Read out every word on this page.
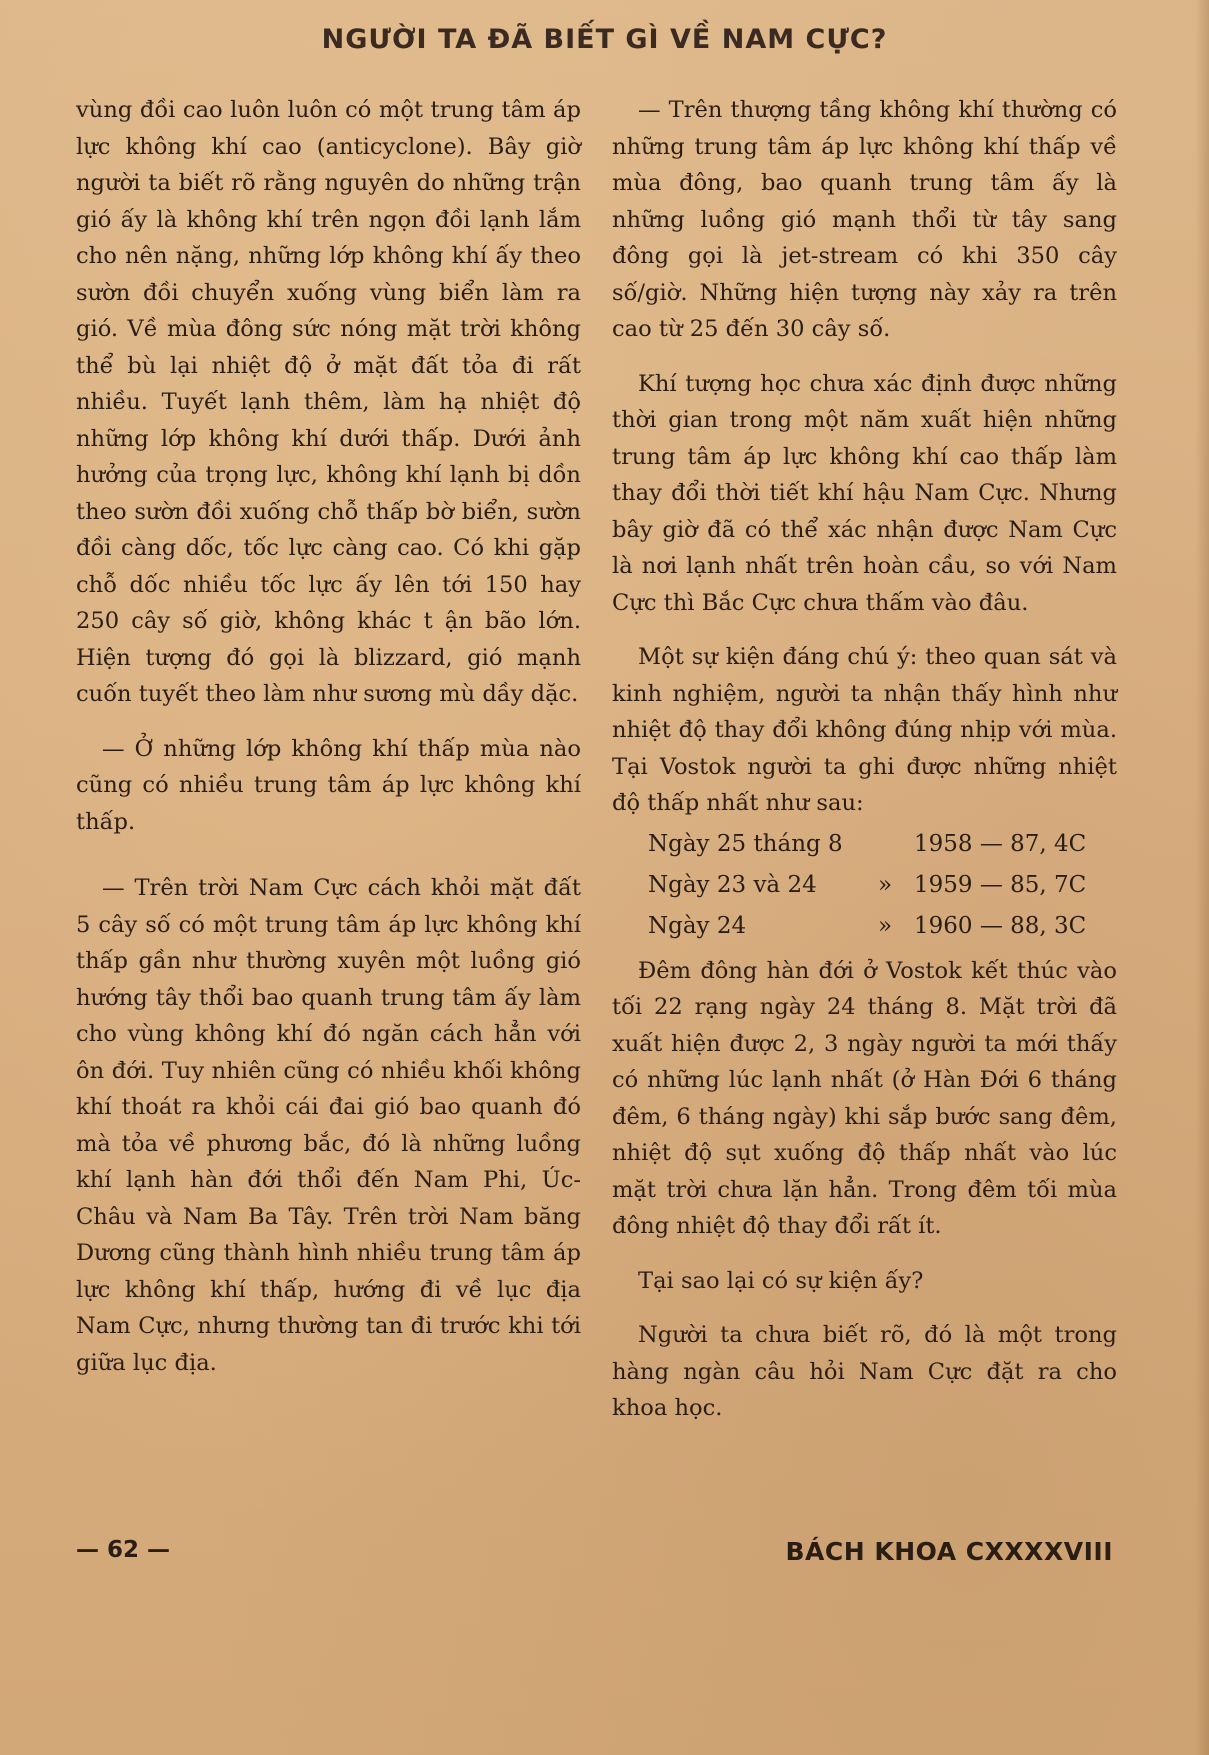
NGƯỜI TA ĐÃ BIẾT GÌ VỀ NAM CỰC?

vùng đồi cao luôn luôn có một trung tâm áp lực không khí cao (anticyclone). Bây giờ người ta biết rõ rằng nguyên do những trận gió ấy là không khí trên ngọn đồi lạnh lắm cho nên nặng, những lớp không khí ấy theo sườn đồi chuyển xuống vùng biển làm ra gió. Về mùa đông sức nóng mặt trời không thể bù lại nhiệt độ ở mặt đất tỏa đi rất nhiều. Tuyết lạnh thêm, làm hạ nhiệt độ những lớp không khí dưới thấp. Dưới ảnh hưởng của trọng lực, không khí lạnh bị dồn theo sườn đồi xuống chỗ thấp bờ biển, sườn đồi càng dốc, tốc lực càng cao. Có khi gặp chỗ dốc nhiều tốc lực ấy lên tới 150 hay 250 cây số giờ, không khác t ận bão lớn. Hiện tượng đó gọi là blizzard, gió mạnh cuốn tuyết theo làm như sương mù dầy dặc.

— Ở những lớp không khí thấp mùa nào cũng có nhiều trung tâm áp lực không khí thấp.

— Trên trời Nam Cực cách khỏi mặt đất 5 cây số có một trung tâm áp lực không khí thấp gần như thường xuyên một luồng gió hướng tây thổi bao quanh trung tâm ấy làm cho vùng không khí đó ngăn cách hẳn với ôn đới. Tuy nhiên cũng có nhiều khối không khí thoát ra khỏi cái đai gió bao quanh đó mà tỏa về phương bắc, đó là những luồng khí lạnh hàn đới thổi đến Nam Phi, Úc-Châu và Nam Ba Tây. Trên trời Nam băng Dương cũng thành hình nhiều trung tâm áp lực không khí thấp, hướng đi về lục địa Nam Cực, nhưng thường tan đi trước khi tới giữa lục địa.

— Trên thượng tầng không khí thường có những trung tâm áp lực không khí thấp về mùa đông, bao quanh trung tâm ấy là những luồng gió mạnh thổi từ tây sang đông gọi là jet-stream có khi 350 cây số/giờ. Những hiện tượng này xảy ra trên cao từ 25 đến 30 cây số.

Khí tượng học chưa xác định được những thời gian trong một năm xuất hiện những trung tâm áp lực không khí cao thấp làm thay đổi thời tiết khí hậu Nam Cực. Nhưng bây giờ đã có thể xác nhận được Nam Cực là nơi lạnh nhất trên hoàn cầu, so với Nam Cực thì Bắc Cực chưa thấm vào đâu.

Một sự kiện đáng chú ý: theo quan sát và kinh nghiệm, người ta nhận thấy hình như nhiệt độ thay đổi không đúng nhịp với mùa. Tại Vostok người ta ghi được những nhiệt độ thấp nhất như sau:

Ngày 25 tháng 8	1958 — 87, 4C
Ngày 23 và 24	» 1959 — 85, 7C
Ngày 24	» 1960 — 88, 3C

Đêm đông hàn đới ở Vostok kết thúc vào tối 22 rạng ngày 24 tháng 8. Mặt trời đã xuất hiện được 2, 3 ngày người ta mới thấy có những lúc lạnh nhất (ở Hàn Đới 6 tháng đêm, 6 tháng ngày) khi sắp bước sang đêm, nhiệt độ sụt xuống độ thấp nhất vào lúc mặt trời chưa lặn hẳn. Trong đêm tối mùa đông nhiệt độ thay đổi rất ít.

Tại sao lại có sự kiện ấy?

Người ta chưa biết rõ, đó là một trong hàng ngàn câu hỏi Nam Cực đặt ra cho khoa học.

— 62 —	BÁCH KHOA CXXXXVIII
